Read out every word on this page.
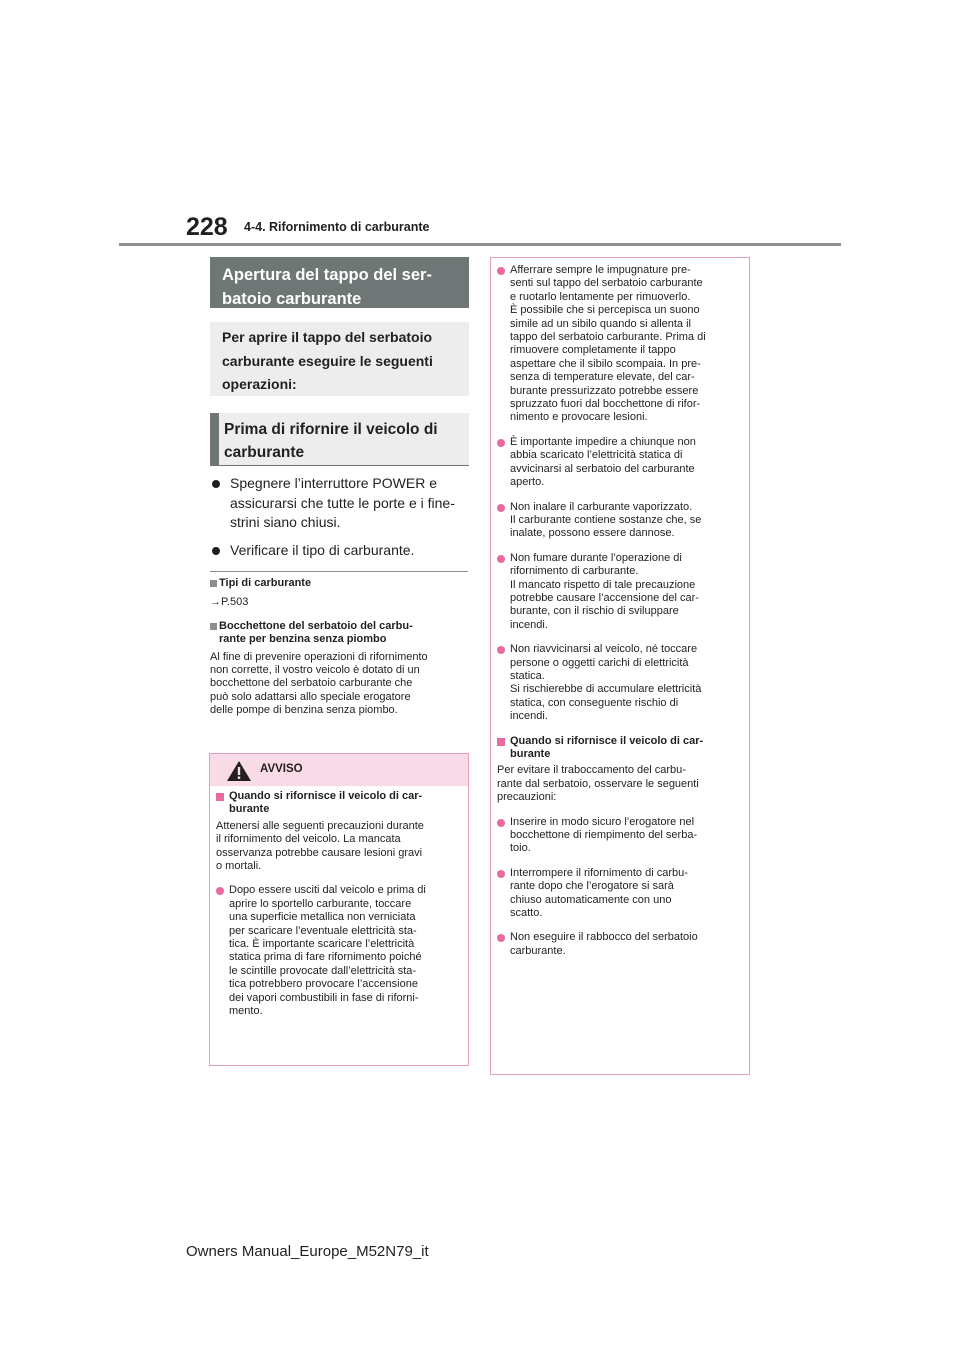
228 4-4. Rifornimento di carburante
Apertura del tappo del ser-
batoio carburante
Per aprire il tappo del serbatoio
carburante eseguire le seguenti
operazioni:
Prima di rifornire il veicolo di
carburante
Spegnere l’interruttore POWER e
assicurarsi che tutte le porte e i fine-
strini siano chiusi.
Verificare il tipo di carburante.
Tipi di carburante

→P.503

Bocchettone del serbatoio del carbu-
rante per benzina senza piombo

Al fine di prevenire operazioni di rifornimento
non corrette, il vostro veicolo è dotato di un
bocchettone del serbatoio carburante che
può solo adattarsi allo speciale erogatore
delle pompe di benzina senza piombo.

AVVISO
Quando si rifornisce il veicolo di car-
burante

Attenersi alle seguenti precauzioni durante
il rifornimento del veicolo. La mancata
osservanza potrebbe causare lesioni gravi
o mortali.

Dopo essere usciti dal veicolo e prima di
aprire lo sportello carburante, toccare
una superficie metallica non verniciata
per scaricare l’eventuale elettricità sta-
tica. È importante scaricare l’elettricità
statica prima di fare rifornimento poiché
le scintille provocate dall’elettricità sta-
tica potrebbero provocare l’accensione
dei vapori combustibili in fase di riforni-
mento.
Afferrare sempre le impugnature pre-
senti sul tappo del serbatoio carburante
e ruotarlo lentamente per rimuoverlo.
È possibile che si percepisca un suono
simile ad un sibilo quando si allenta il
tappo del serbatoio carburante. Prima di
rimuovere completamente il tappo
aspettare che il sibilo scompaia. In pre-
senza di temperature elevate, del car-
burante pressurizzato potrebbe essere
spruzzato fuori dal bocchettone di rifor-
nimento e provocare lesioni.
È importante impedire a chiunque non
abbia scaricato l’elettricità statica di
avvicinarsi al serbatoio del carburante
aperto.
Non inalare il carburante vaporizzato.
Il carburante contiene sostanze che, se
inalate, possono essere dannose.
Non fumare durante l’operazione di
rifornimento di carburante.
Il mancato rispetto di tale precauzione
potrebbe causare l’accensione del car-
burante, con il rischio di sviluppare
incendi.
Non riavvicinarsi al veicolo, né toccare
persone o oggetti carichi di elettricità
statica.
Si rischierebbe di accumulare elettricità
statica, con conseguente rischio di
incendi.
Quando si rifornisce il veicolo di car-
burante

Per evitare il traboccamento del carbu-
rante dal serbatoio, osservare le seguenti
precauzioni:

Inserire in modo sicuro l’erogatore nel
bocchettone di riempimento del serba-
toio.
Interrompere il rifornimento di carbu-
rante dopo che l’erogatore si sarà
chiuso automaticamente con uno
scatto.
Non eseguire il rabbocco del serbatoio
carburante.
Owners Manual_Europe_M52N79_it
